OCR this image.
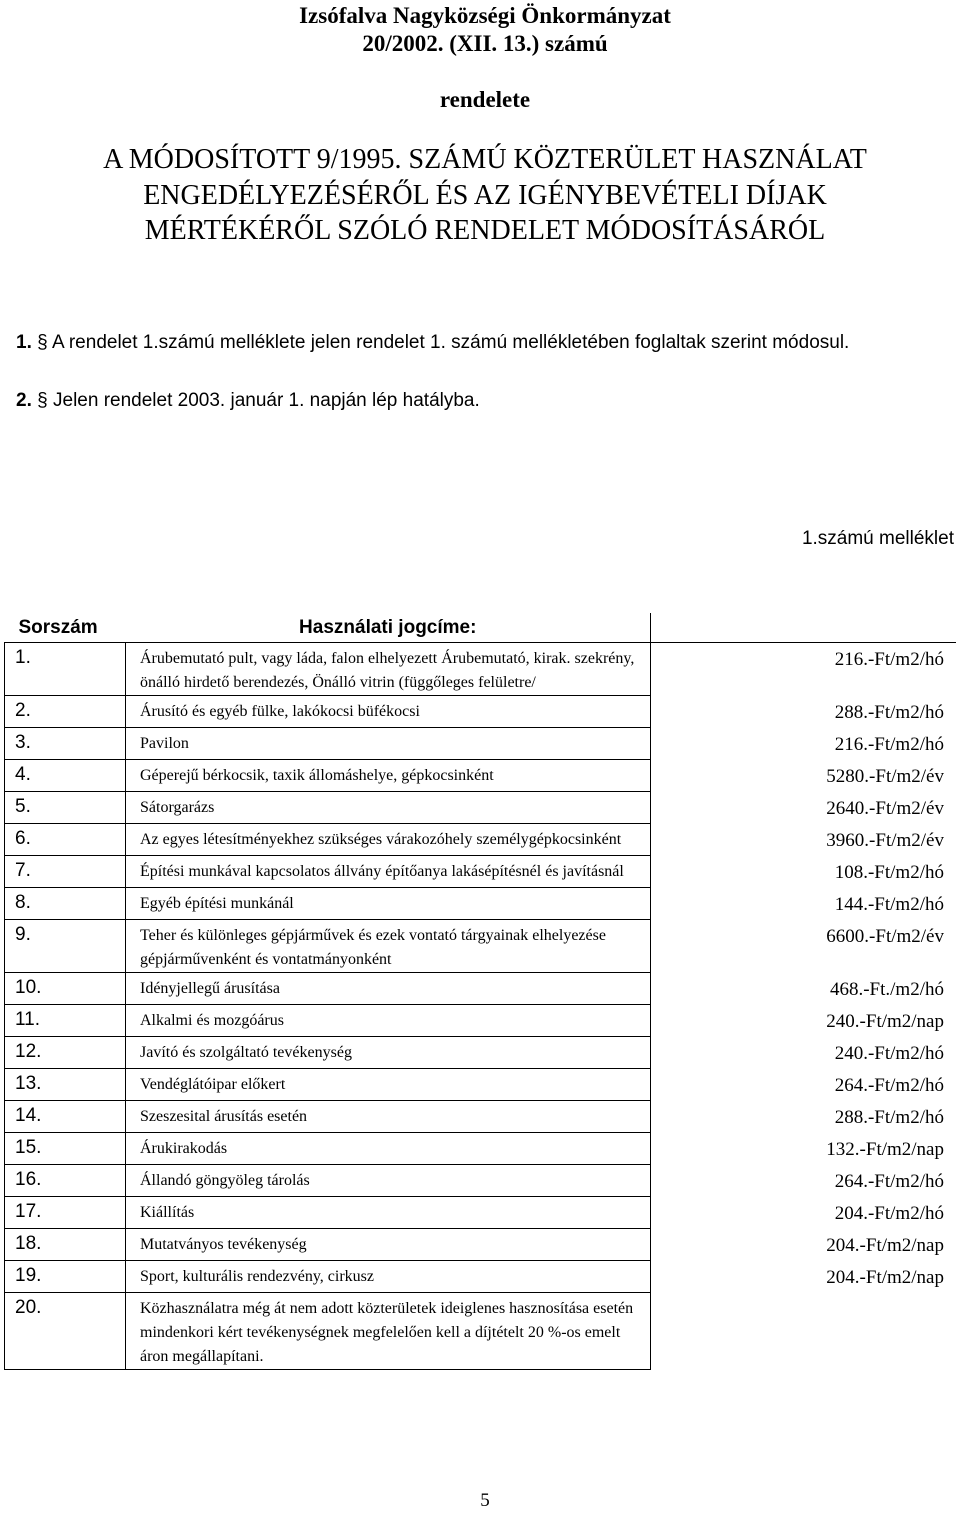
Izsófalva Nagyközségi Önkormányzat
20/2002. (XII. 13.) számú
rendelete
A MÓDOSÍTOTT 9/1995. SZÁMÚ KÖZTERÜLET HASZNÁLAT
ENGEDÉLYEZÉSÉRŐL ÉS AZ IGÉNYBEVÉTELI DÍJAK
MÉRTÉKÉRŐL SZÓLÓ RENDELET MÓDOSÍTÁSÁRÓL
1. § A rendelet 1.számú melléklete jelen rendelet 1. számú mellékletében foglaltak szerint módosul.
2. § Jelen rendelet 2003. január 1. napján lép hatályba.
1.számú melléklet
Sorszám	Használati jogcíme:	
1.	Árubemutató pult, vagy láda, falon elhelyezett Árubemutató, kirak. szekrény, önálló hirdető berendezés, Önálló vitrin (függőleges felületre/	216.-Ft/m2/hó
2.	Árusító és egyéb fülke, lakókocsi büfékocsi	288.-Ft/m2/hó
3.	Pavilon	216.-Ft/m2/hó
4.	Géperejű bérkocsik, taxik állomáshelye, gépkocsinként	5280.-Ft/m2/év
5.	Sátorgarázs	2640.-Ft/m2/év
6.	Az egyes létesítményekhez szükséges várakozóhely személygépkocsinként	3960.-Ft/m2/év
7.	Építési munkával kapcsolatos állvány építőanya lakásépítésnél és javításnál	108.-Ft/m2/hó
8.	Egyéb építési munkánál	144.-Ft/m2/hó
9.	Teher és különleges gépjárművek és ezek vontató tárgyainak elhelyezése gépjárművenként és vontatmányonként	6600.-Ft/m2/év
10.	Idényjellegű árusítása	468.-Ft./m2/hó
11.	Alkalmi és mozgóárus	240.-Ft/m2/nap
12.	Javító és szolgáltató tevékenység	240.-Ft/m2/hó
13.	Vendéglátóipar előkert	264.-Ft/m2/hó
14.	Szeszesital árusítás esetén	288.-Ft/m2/hó
15.	Árukirakodás	132.-Ft/m2/nap
16.	Állandó göngyöleg tárolás	264.-Ft/m2/hó
17.	Kiállítás	204.-Ft/m2/hó
18.	Mutatványos tevékenység	204.-Ft/m2/nap
19.	Sport, kulturális rendezvény, cirkusz	204.-Ft/m2/nap
20.	Közhasználatra még át nem adott közterületek ideiglenes hasznosítása esetén mindenkori kért tevékenységnek megfelelően kell a díjtételt 20 %-os emelt áron megállapítani.	
5
